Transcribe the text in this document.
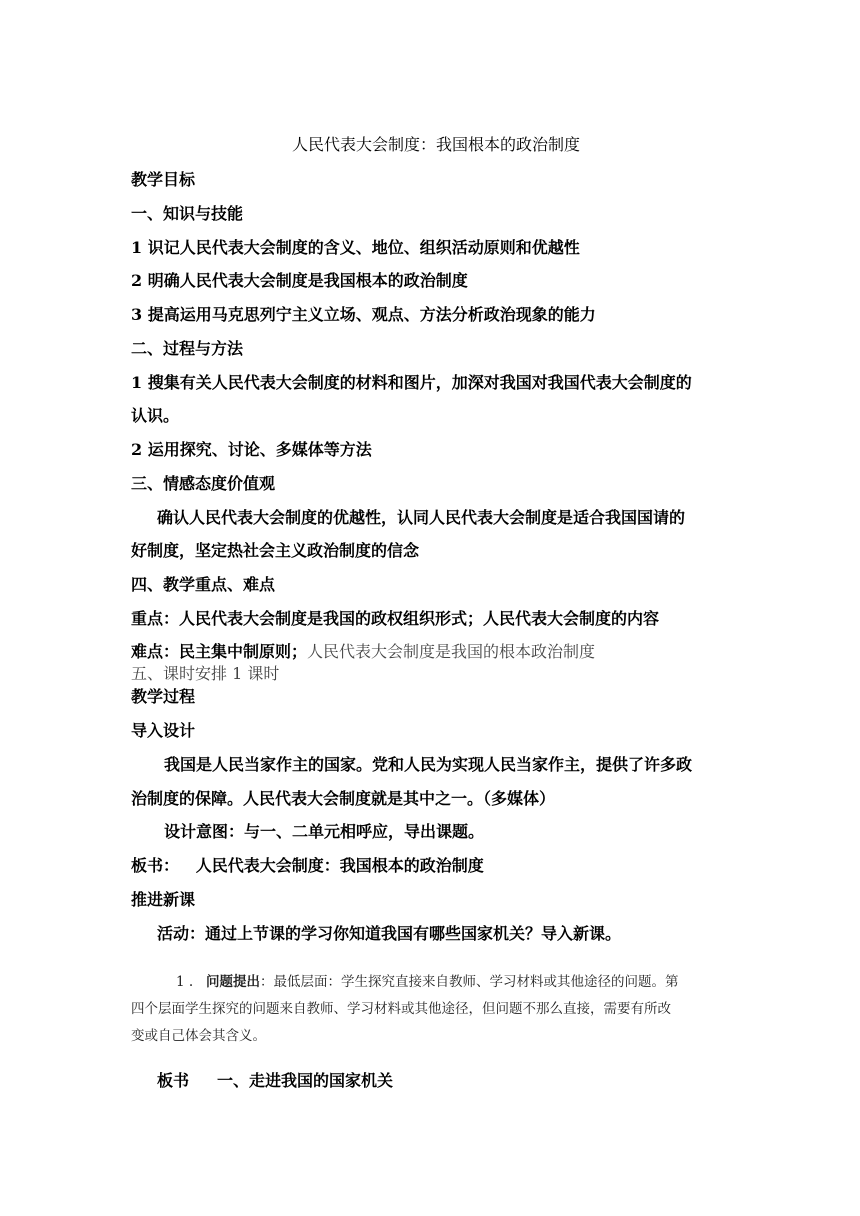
人民代表大会制度：我国根本的政治制度
教学目标
一、知识与技能
1 识记人民代表大会制度的含义、地位、组织活动原则和优越性
2 明确人民代表大会制度是我国根本的政治制度
3 提高运用马克思列宁主义立场、观点、方法分析政治现象的能力
二、过程与方法
1 搜集有关人民代表大会制度的材料和图片，加深对我国对我国代表大会制度的
认识。
2 运用探究、讨论、多媒体等方法
三、情感态度价值观
确认人民代表大会制度的优越性，认同人民代表大会制度是适合我国国请的
好制度，坚定热社会主义政治制度的信念
四、教学重点、难点
重点：人民代表大会制度是我国的政权组织形式；人民代表大会制度的内容
难点：民主集中制原则；人民代表大会制度是我国的根本政治制度
五、课时安排 1 课时
教学过程
导入设计
我国是人民当家作主的国家。党和人民为实现人民当家作主，提供了许多政
治制度的保障。人民代表大会制度就是其中之一。（多媒体）
设计意图：与一、二单元相呼应，导出课题。
板书：   人民代表大会制度：我国根本的政治制度
推进新课
活动：通过上节课的学习你知道我国有哪些国家机关？导入新课。
1 . 问题提出：最低层面：学生探究直接来自教师、学习材料或其他途径的问题。第
四个层面学生探究的问题来自教师、学习材料或其他途径，但问题不那么直接，需要有所改
变或自己体会其含义。
板书 一、走进我国的国家机关
